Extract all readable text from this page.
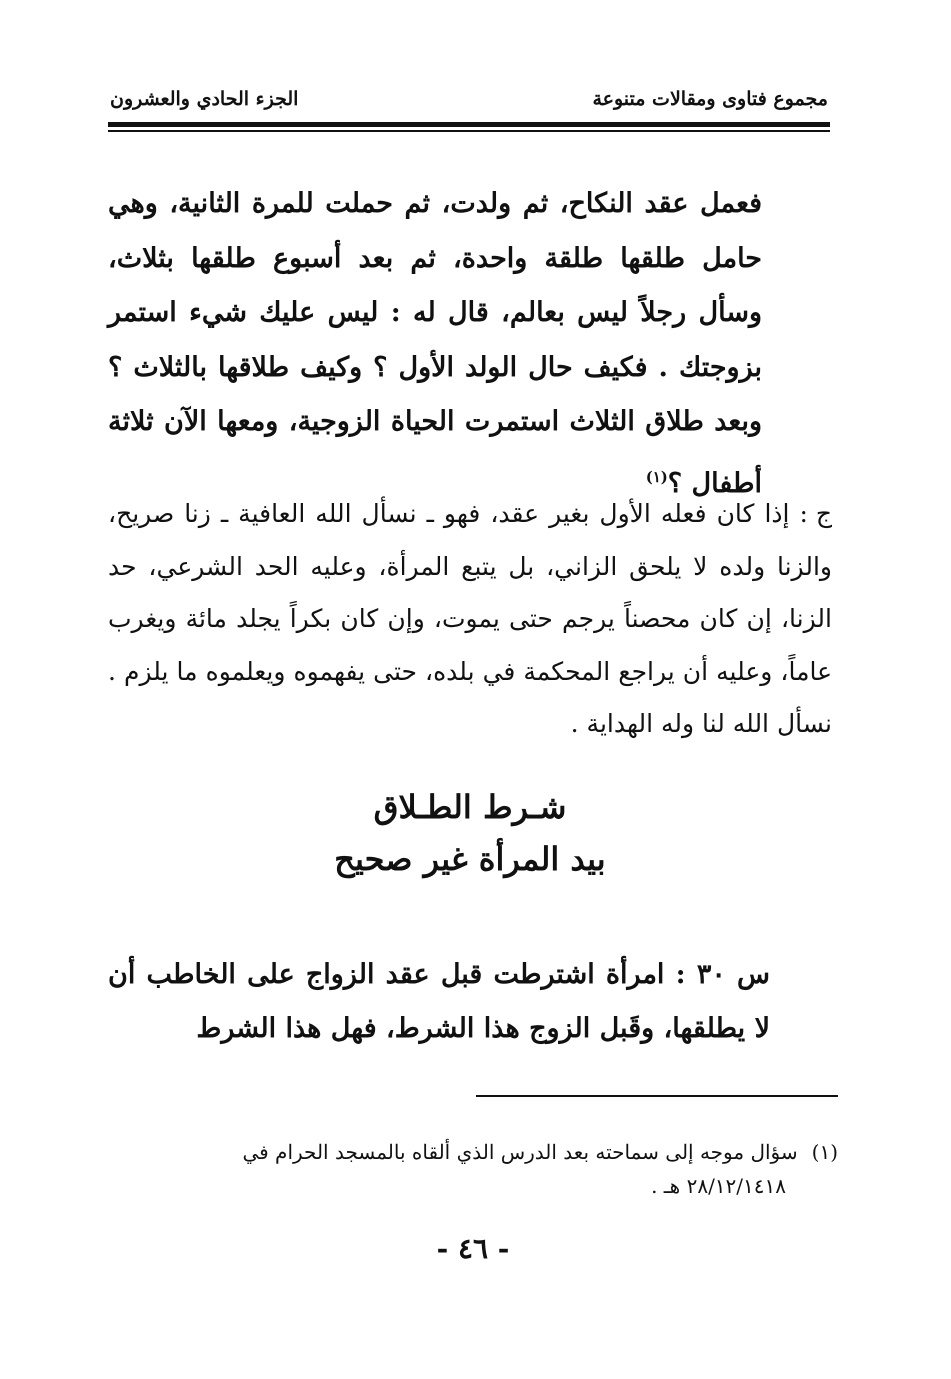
مجموع فتاوى ومقالات متنوعة
الجزء الحادي والعشرون

فعمل عقد النكاح، ثم ولدت، ثم حملت للمرة الثانية، وهي حامل طلقها طلقة واحدة، ثم بعد أسبوع طلقها بثلاث، وسأل رجلاً ليس بعالم، قال له : ليس عليك شيء استمر بزوجتك . فكيف حال الولد الأول ؟ وكيف طلاقها بالثلاث ؟ وبعد طلاق الثلاث استمرت الحياة الزوجية، ومعها الآن ثلاثة أطفال ؟$^{(١)}$

ج : إذا كان فعله الأول بغير عقد، فهو ـ نسأل الله العافية ـ زنا صريح، والزنا ولده لا يلحق الزاني، بل يتبع المرأة، وعليه الحد الشرعي، حد الزنا، إن كان محصناً يرجم حتى يموت، وإن كان بكراً يجلد مائة ويغرب عاماً، وعليه أن يراجع المحكمة في بلده، حتى يفهموه ويعلموه ما يلزم . نسأل الله لنا وله الهداية .

شـرط الطـلاق
بيد المرأة غير صحيح

س ٣٠ : امرأة اشترطت قبل عقد الزواج على الخاطب أن لا يطلقها، وقَبل الزوج هذا الشرط، فهل هذا الشرط

(١)سؤال موجه إلى سماحته بعد الدرس الذي ألقاه بالمسجد الحرام في
٢٨/١٢/١٤١٨ هـ .
- ٤٦ -
